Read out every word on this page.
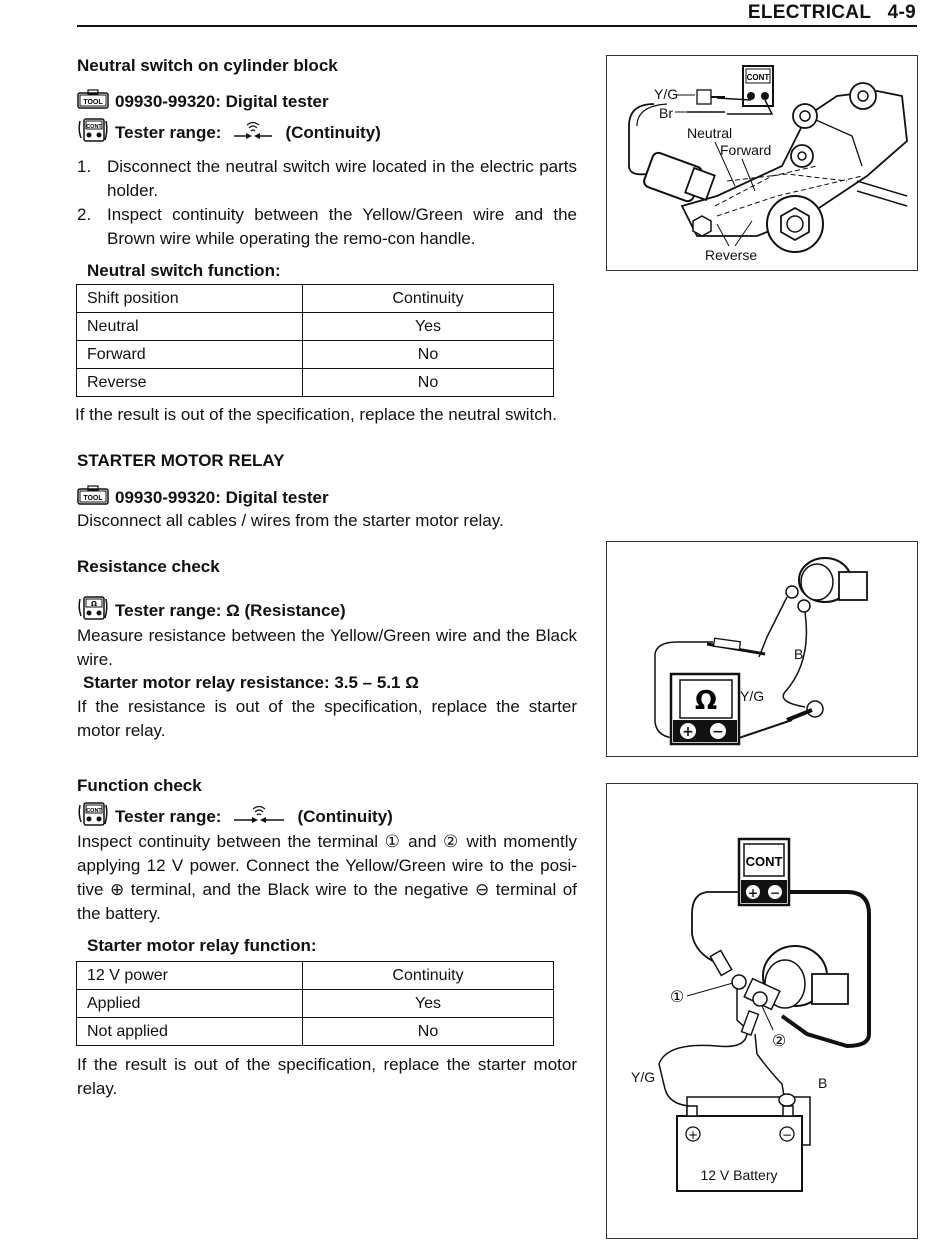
ELECTRICAL   4-9
Neutral switch on cylinder block
TOOL 09930-99320: Digital tester
CONT Tester range:	(Continuity)
1. Disconnect the neutral switch wire located in the electric parts holder.
2. Inspect continuity between the Yellow/Green wire and the Brown wire while operating the remo-con handle.
Neutral switch function:
Shift position	Continuity
Neutral	Yes
Forward	No
Reverse	No
If the result is out of the specification, replace the neutral switch.
CONT
Y/G
Br
Neutral
Forward
Reverse
STARTER MOTOR RELAY
TOOL 09930-99320: Digital tester
Disconnect all cables / wires from the starter motor relay.
Resistance check
Ω Tester range: Ω (Resistance)
Measure resistance between the Yellow/Green wire and the Black wire.
Starter motor relay resistance: 3.5 – 5.1 Ω
If the resistance is out of the specification, replace the starter motor relay.
Ω
+ −
B
Y/G
Function check
CONT Tester range:	(Continuity)
Inspect continuity between the terminal ① and ② with momently applying 12 V power. Connect the Yellow/Green wire to the posi-tive ⊕ terminal, and the Black wire to the negative ⊖ terminal of the battery.
Starter motor relay function:
12 V power	Continuity
Applied	Yes
Not applied	No
If the result is out of the specification, replace the starter motor relay.
CONT
+ −
①
②
+	−
12 V Battery
Y/G	B
